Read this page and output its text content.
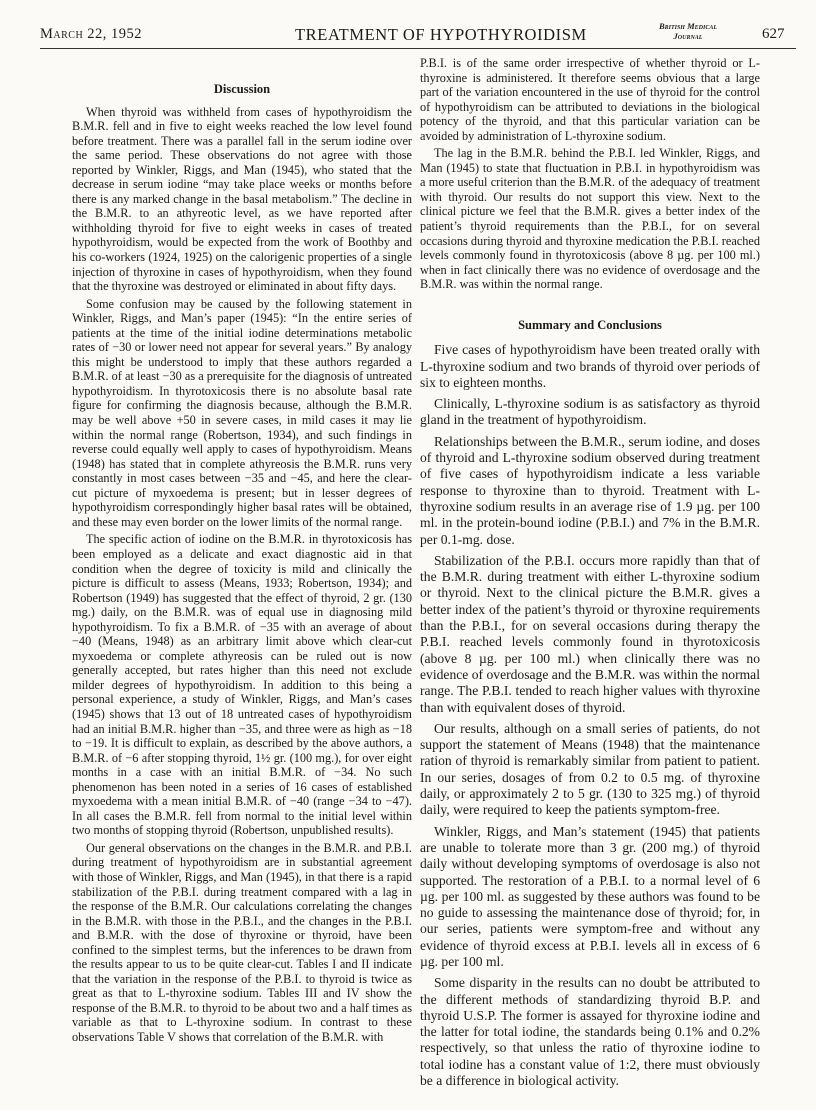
March 22, 1952	TREATMENT OF HYPOTHYROIDISM	British Medical Journal	627
Discussion

When thyroid was withheld from cases of hypothyroidism the B.M.R. fell and in five to eight weeks reached the low level found before treatment. There was a parallel fall in the serum iodine over the same period. These observations do not agree with those reported by Winkler, Riggs, and Man (1945), who stated that the decrease in serum iodine “may take place weeks or months before there is any marked change in the basal metabolism.” The decline in the B.M.R. to an athyreotic level, as we have reported after withholding thyroid for five to eight weeks in cases of treated hypothyroidism, would be expected from the work of Boothby and his co-workers (1924, 1925) on the calorigenic properties of a single injection of thyroxine in cases of hypothyroidism, when they found that the thyroxine was destroyed or eliminated in about fifty days.

Some confusion may be caused by the following statement in Winkler, Riggs, and Man’s paper (1945): “In the entire series of patients at the time of the initial iodine determinations metabolic rates of −30 or lower need not appear for several years.” By analogy this might be understood to imply that these authors regarded a B.M.R. of at least −30 as a prerequisite for the diagnosis of untreated hypothyroidism. In thyrotoxicosis there is no absolute basal rate figure for confirming the diagnosis because, although the B.M.R. may be well above +50 in severe cases, in mild cases it may lie within the normal range (Robertson, 1934), and such findings in reverse could equally well apply to cases of hypothyroidism. Means (1948) has stated that in complete athyreosis the B.M.R. runs very constantly in most cases between −35 and −45, and here the clear-cut picture of myxoedema is present; but in lesser degrees of hypothyroidism correspondingly higher basal rates will be obtained, and these may even border on the lower limits of the normal range.

The specific action of iodine on the B.M.R. in thyrotoxicosis has been employed as a delicate and exact diagnostic aid in that condition when the degree of toxicity is mild and clinically the picture is difficult to assess (Means, 1933; Robertson, 1934); and Robertson (1949) has suggested that the effect of thyroid, 2 gr. (130 mg.) daily, on the B.M.R. was of equal use in diagnosing mild hypothyroidism. To fix a B.M.R. of −35 with an average of about −40 (Means, 1948) as an arbitrary limit above which clear-cut myxoedema or complete athyreosis can be ruled out is now generally accepted, but rates higher than this need not exclude milder degrees of hypothyroidism. In addition to this being a personal experience, a study of Winkler, Riggs, and Man’s cases (1945) shows that 13 out of 18 untreated cases of hypothyroidism had an initial B.M.R. higher than −35, and three were as high as −18 to −19. It is difficult to explain, as described by the above authors, a B.M.R. of −6 after stopping thyroid, 1½ gr. (100 mg.), for over eight months in a case with an initial B.M.R. of −34. No such phenomenon has been noted in a series of 16 cases of established myxoedema with a mean initial B.M.R. of −40 (range −34 to −47). In all cases the B.M.R. fell from normal to the initial level within two months of stopping thyroid (Robertson, unpublished results).

Our general observations on the changes in the B.M.R. and P.B.I. during treatment of hypothyroidism are in substantial agreement with those of Winkler, Riggs, and Man (1945), in that there is a rapid stabilization of the P.B.I. during treatment compared with a lag in the response of the B.M.R. Our calculations correlating the changes in the B.M.R. with those in the P.B.I., and the changes in the P.B.I. and B.M.R. with the dose of thyroxine or thyroid, have been confined to the simplest terms, but the inferences to be drawn from the results appear to us to be quite clear-cut. Tables I and II indicate that the variation in the response of the P.B.I. to thyroid is twice as great as that to L-thyroxine sodium. Tables III and IV show the response of the B.M.R. to thyroid to be about two and a half times as variable as that to L-thyroxine sodium. In contrast to these observations Table V shows that correlation of the B.M.R. with

P.B.I. is of the same order irrespective of whether thyroid or L-thyroxine is administered. It therefore seems obvious that a large part of the variation encountered in the use of thyroid for the control of hypothyroidism can be attributed to deviations in the biological potency of the thyroid, and that this particular variation can be avoided by administration of L-thyroxine sodium.

The lag in the B.M.R. behind the P.B.I. led Winkler, Riggs, and Man (1945) to state that fluctuation in P.B.I. in hypothyroidism was a more useful criterion than the B.M.R. of the adequacy of treatment with thyroid. Our results do not support this view. Next to the clinical picture we feel that the B.M.R. gives a better index of the patient’s thyroid requirements than the P.B.I., for on several occasions during thyroid and thyroxine medication the P.B.I. reached levels commonly found in thyrotoxicosis (above 8 µg. per 100 ml.) when in fact clinically there was no evidence of overdosage and the B.M.R. was within the normal range.

Summary and Conclusions

Five cases of hypothyroidism have been treated orally with L-thyroxine sodium and two brands of thyroid over periods of six to eighteen months.

Clinically, L-thyroxine sodium is as satisfactory as thyroid gland in the treatment of hypothyroidism.

Relationships between the B.M.R., serum iodine, and doses of thyroid and L-thyroxine sodium observed during treatment of five cases of hypothyroidism indicate a less variable response to thyroxine than to thyroid. Treatment with L-thyroxine sodium results in an average rise of 1.9 µg. per 100 ml. in the protein-bound iodine (P.B.I.) and 7% in the B.M.R. per 0.1-mg. dose.

Stabilization of the P.B.I. occurs more rapidly than that of the B.M.R. during treatment with either L-thyroxine sodium or thyroid. Next to the clinical picture the B.M.R. gives a better index of the patient’s thyroid or thyroxine requirements than the P.B.I., for on several occasions during therapy the P.B.I. reached levels commonly found in thyrotoxicosis (above 8 µg. per 100 ml.) when clinically there was no evidence of overdosage and the B.M.R. was within the normal range. The P.B.I. tended to reach higher values with thyroxine than with equivalent doses of thyroid.

Our results, although on a small series of patients, do not support the statement of Means (1948) that the maintenance ration of thyroid is remarkably similar from patient to patient. In our series, dosages of from 0.2 to 0.5 mg. of thyroxine daily, or approximately 2 to 5 gr. (130 to 325 mg.) of thyroid daily, were required to keep the patients symptom-free.

Winkler, Riggs, and Man’s statement (1945) that patients are unable to tolerate more than 3 gr. (200 mg.) of thyroid daily without developing symptoms of overdosage is also not supported. The restoration of a P.B.I. to a normal level of 6 µg. per 100 ml. as suggested by these authors was found to be no guide to assessing the maintenance dose of thyroid; for, in our series, patients were symptom-free and without any evidence of thyroid excess at P.B.I. levels all in excess of 6 µg. per 100 ml.

Some disparity in the results can no doubt be attributed to the different methods of standardizing thyroid B.P. and thyroid U.S.P. The former is assayed for thyroxine iodine and the latter for total iodine, the standards being 0.1% and 0.2% respectively, so that unless the ratio of thyroxine iodine to total iodine has a constant value of 1:2, there must obviously be a difference in biological activity.
